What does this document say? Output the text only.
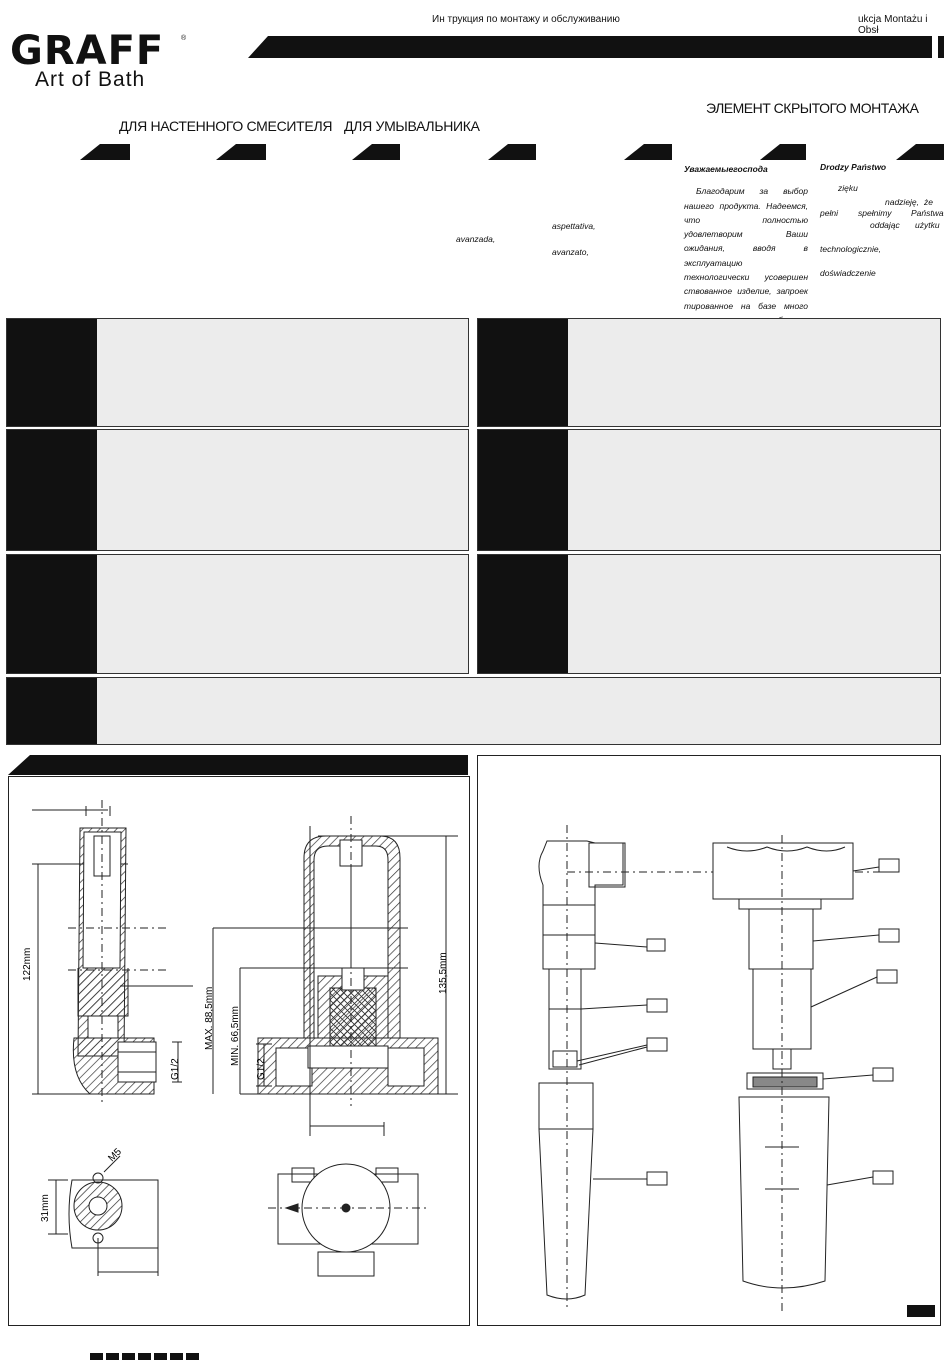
Ин трукция по монтажу и обслуживанию	ukcja Montażu i Obsł
GRAFF ®
Art of Bath
ЭЛЕМЕНТ СКРЫТОГО МОНТАЖА
ДЛЯ НАСТЕННОГО СМЕСИТЕЛЯ ДЛЯ УМЫВАЛЬНИКА
aspettativa,
avanzada,
avanzato,
Уважаемыегоспода
Благодарим за выбор нашего продукта. Надеемся, что полностью удовлетворим Ваши ожидания, вводя в эксплуатацию технологически усовершен ствованное изделие, запроек тированное на базе много
Drodzy Państwo
zięku
nadzieję, że
pełni spełnimy Państwa
oddając użytku
technologicznie,
doświadczenie
122mm
G1/2
MAX. 88,5mm MIN. 66,5mm
G1/2
135,5mm
M5
31mm
